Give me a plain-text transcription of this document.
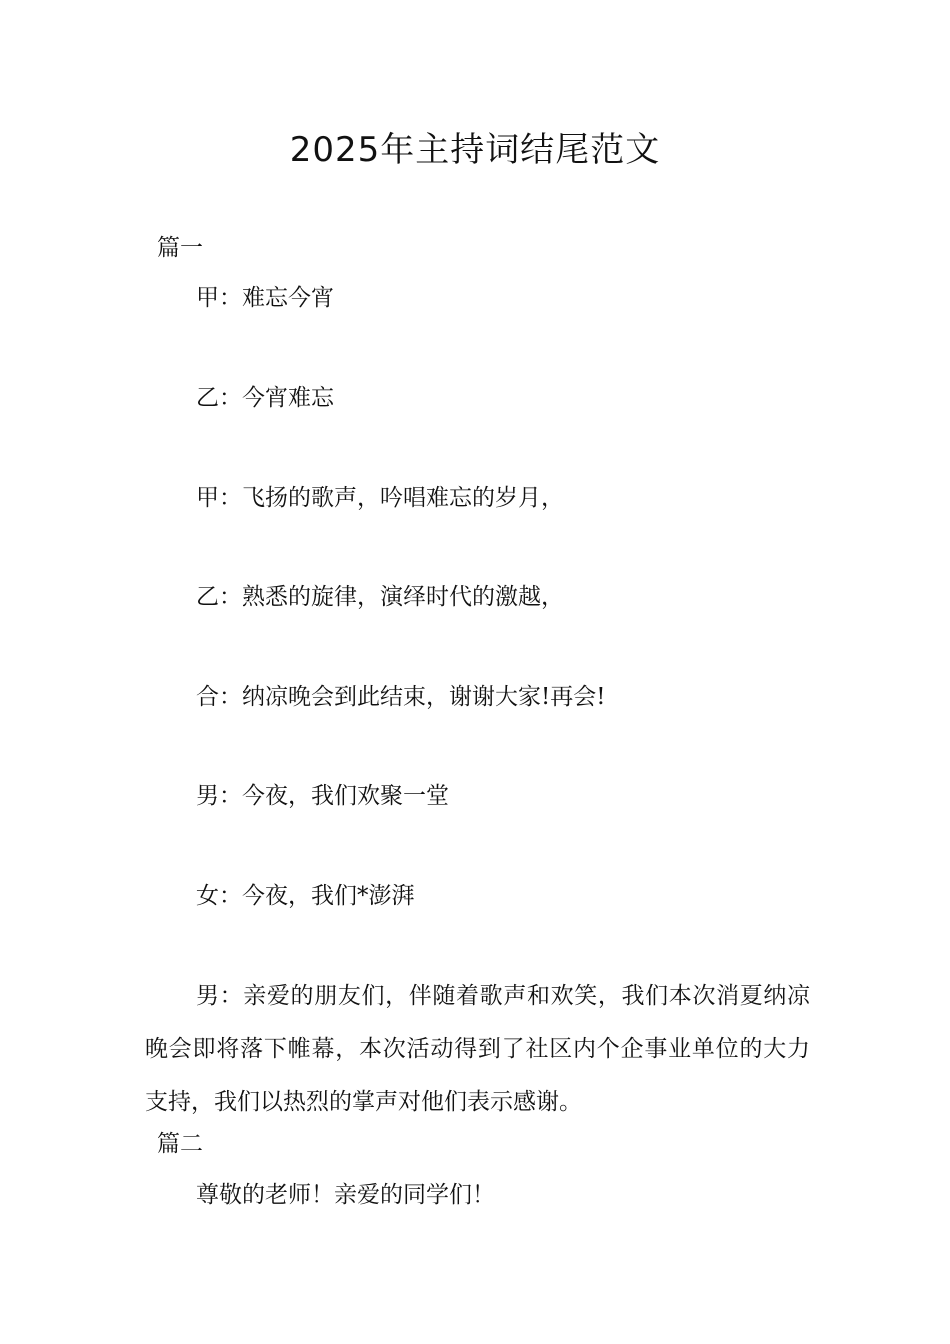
2025年主持词结尾范文

篇一

甲：难忘今宵

乙：今宵难忘

甲：飞扬的歌声，吟唱难忘的岁月，

乙：熟悉的旋律，演绎时代的激越，

合：纳凉晚会到此结束，谢谢大家!再会!

男：今夜，我们欢聚一堂

女：今夜，我们*澎湃

男：亲爱的朋友们，伴随着歌声和欢笑，我们本次消夏纳凉晚会即将落下帷幕，本次活动得到了社区内个企事业单位的大力支持，我们以热烈的掌声对他们表示感谢。

篇二

尊敬的老师！亲爱的同学们！
